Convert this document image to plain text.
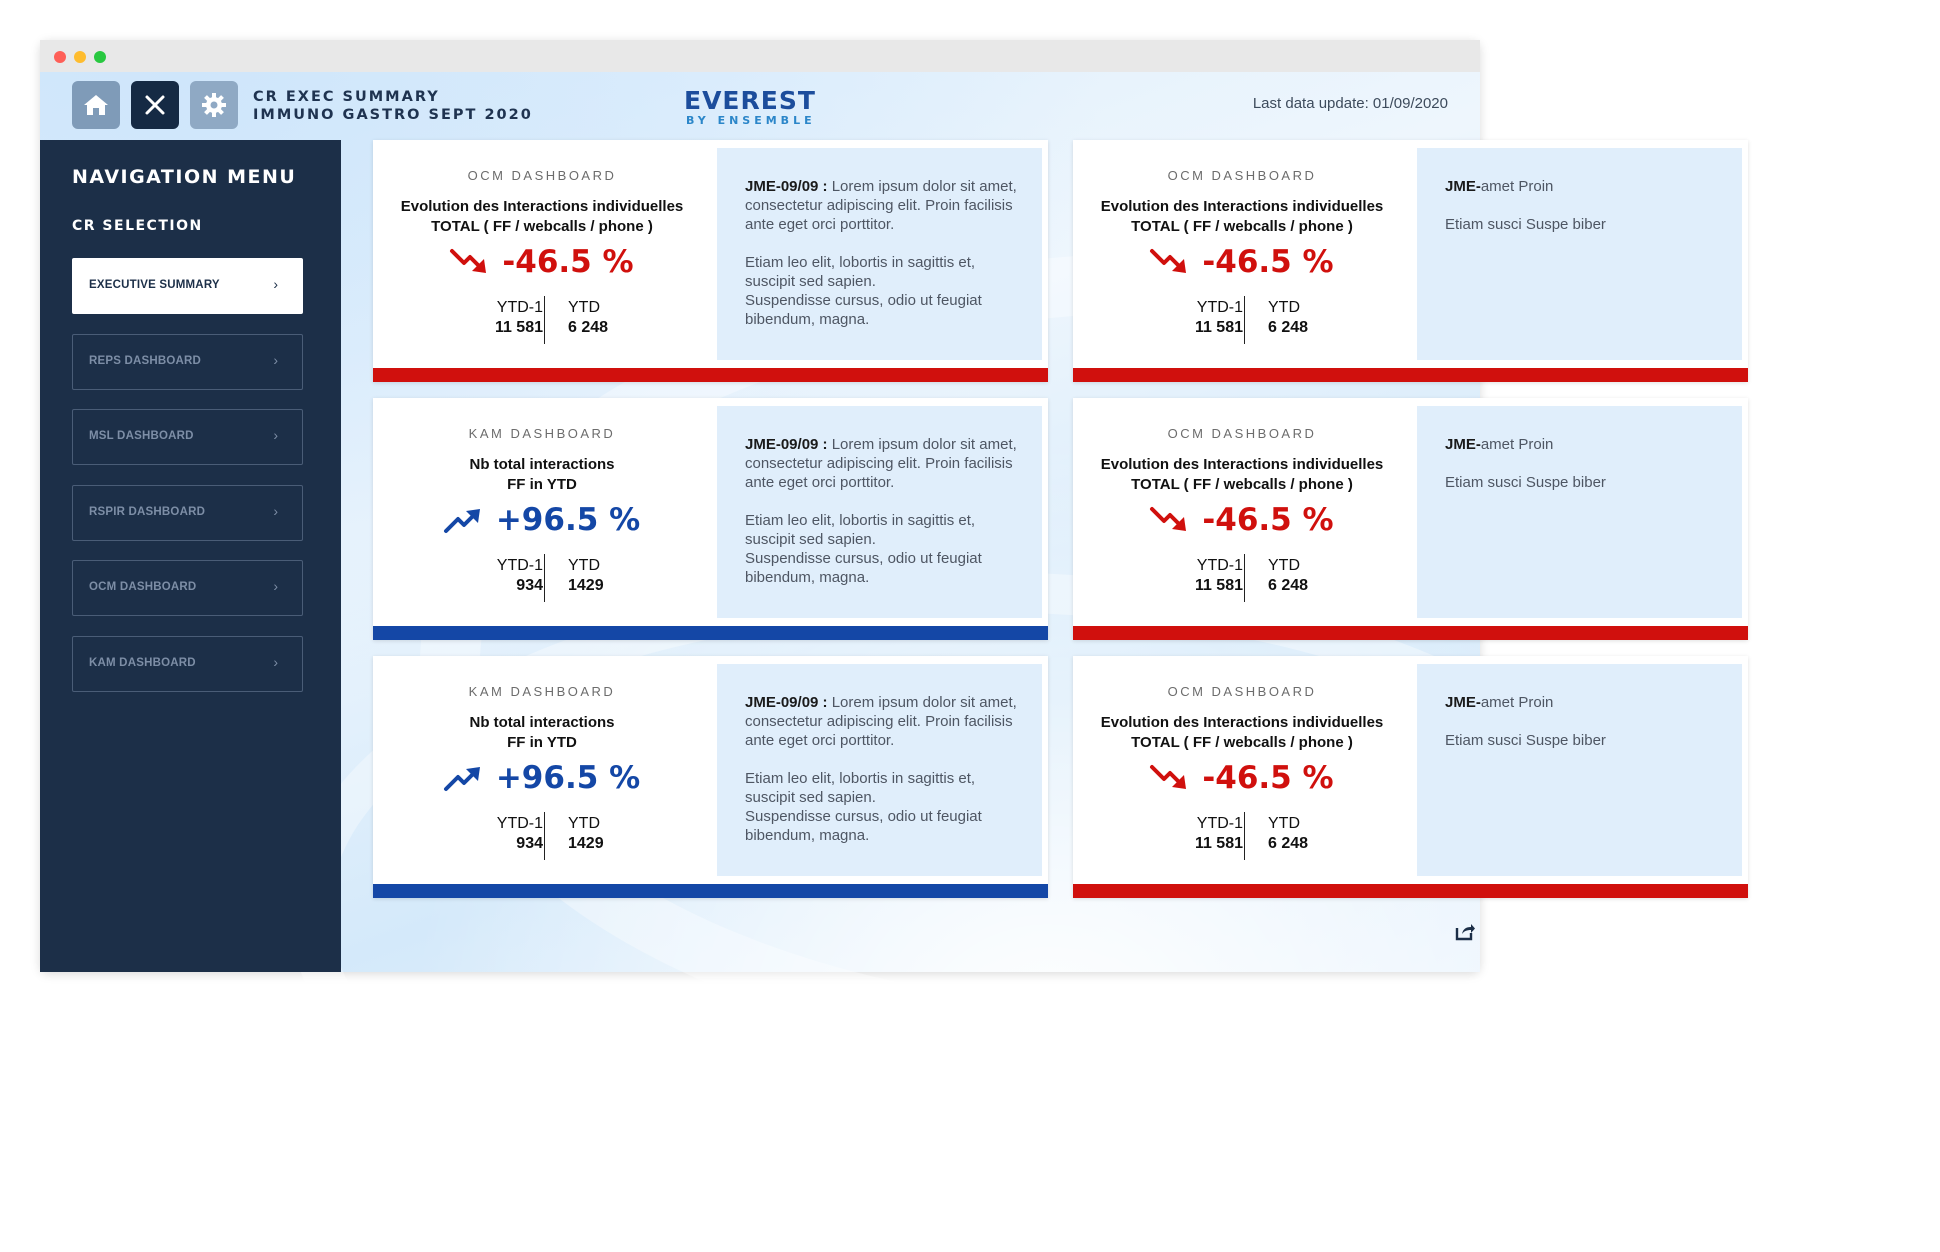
CR EXEC SUMMARY
IMMUNO GASTRO SEPT 2020	EVEREST
BY ENSEMBLE
Last data update: 01/09/2020
NAVIGATION MENU
CR SELECTION
EXECUTIVE SUMMARY	›
REPS DASHBOARD	›
MSL DASHBOARD	›
RSPIR DASHBOARD	›
OCM DASHBOARD	›
KAM DASHBOARD	›
OCM DASHBOARD
Evolution des Interactions individuelles
TOTAL ( FF / webcalls / phone )
-46.5 %
YTD-1
11 581
YTD
6 248
JME-09/09 : Lorem ipsum dolor sit amet, consectetur adipiscing elit. Proin facilisis ante eget orci porttitor.
Etiam leo elit, lobortis in sagittis et, suscipit sed sapien.
Suspendisse cursus, odio ut feugiat bibendum, magna.
OCM DASHBOARD
Evolution des Interactions individuelles
TOTAL ( FF / webcalls / phone )
-46.5 %
YTD-1
11 581
YTD
6 248
JME-amet Proin
Etiam susci Suspe biber
KAM DASHBOARD
Nb total interactions
FF in YTD
+96.5 %
YTD-1
934
YTD
1429
JME-09/09 : Lorem ipsum dolor sit amet, consectetur adipiscing elit. Proin facilisis ante eget orci porttitor.
Etiam leo elit, lobortis in sagittis et, suscipit sed sapien.
Suspendisse cursus, odio ut feugiat bibendum, magna.
OCM DASHBOARD
Evolution des Interactions individuelles
TOTAL ( FF / webcalls / phone )
-46.5 %
YTD-1
11 581
YTD
6 248
JME-amet Proin
Etiam susci Suspe biber
KAM DASHBOARD
Nb total interactions
FF in YTD
+96.5 %
YTD-1
934
YTD
1429
JME-09/09 : Lorem ipsum dolor sit amet, consectetur adipiscing elit. Proin facilisis ante eget orci porttitor.
Etiam leo elit, lobortis in sagittis et, suscipit sed sapien.
Suspendisse cursus, odio ut feugiat bibendum, magna.
OCM DASHBOARD
Evolution des Interactions individuelles
TOTAL ( FF / webcalls / phone )
-46.5 %
YTD-1
11 581
YTD
6 248
JME-amet Proin
Etiam susci Suspe biber
